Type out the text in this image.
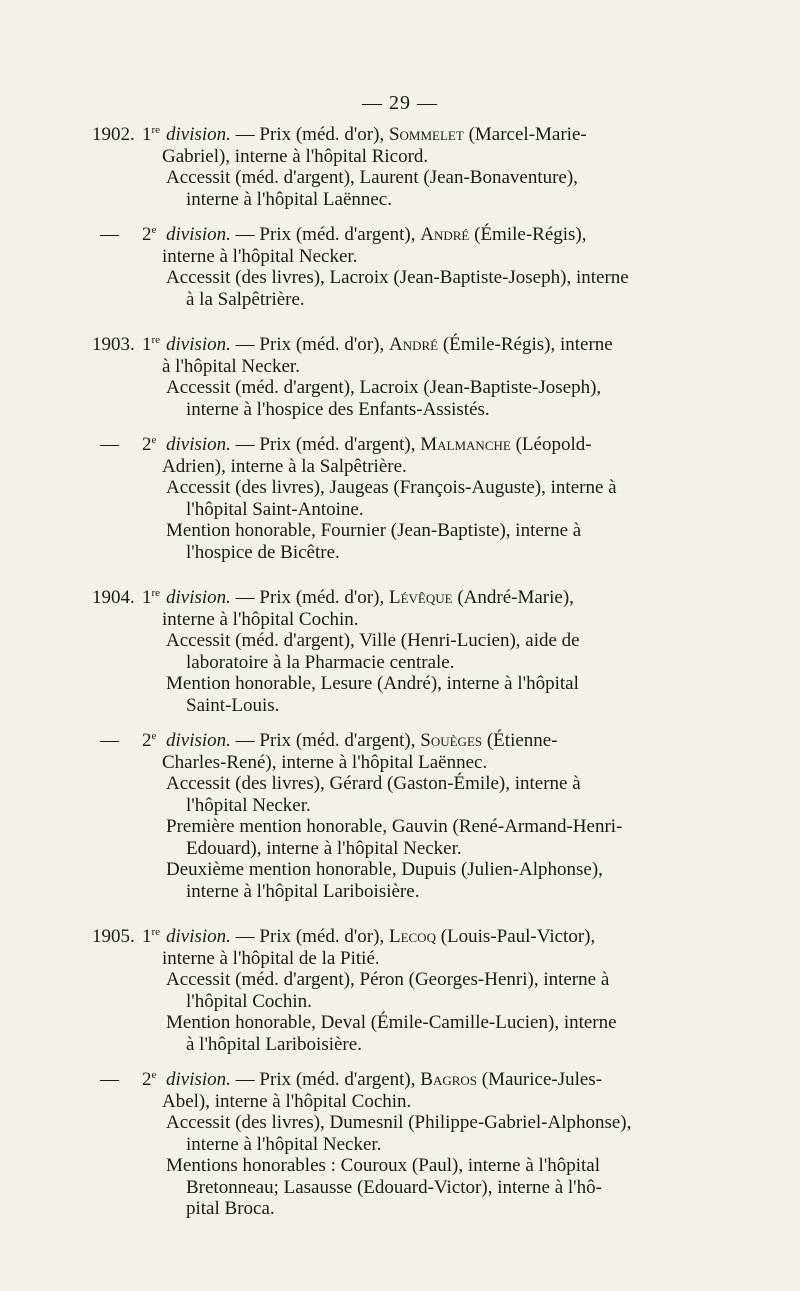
— 29 —
1902. 1re division. — Prix (méd. d'or), Sommelet (Marcel-Marie-
Gabriel), interne à l'hôpital Ricord.
Accessit (méd. d'argent), Laurent (Jean-Bonaventure),
interne à l'hôpital Laënnec.
—	2e division. — Prix (méd. d'argent), André (Émile-Régis),
interne à l'hôpital Necker.
Accessit (des livres), Lacroix (Jean-Baptiste-Joseph), interne
à la Salpêtrière.
1903. 1re division. — Prix (méd. d'or), André (Émile-Régis), interne
à l'hôpital Necker.
Accessit (méd. d'argent), Lacroix (Jean-Baptiste-Joseph),
interne à l'hospice des Enfants-Assistés.
—	2e division. — Prix (méd. d'argent), Malmanche (Léopold-
Adrien), interne à la Salpêtrière.
Accessit (des livres), Jaugeas (François-Auguste), interne à
l'hôpital Saint-Antoine.
Mention honorable, Fournier (Jean-Baptiste), interne à
l'hospice de Bicêtre.
1904. 1re division. — Prix (méd. d'or), Lévêque (André-Marie),
interne à l'hôpital Cochin.
Accessit (méd. d'argent), Ville (Henri-Lucien), aide de
laboratoire à la Pharmacie centrale.
Mention honorable, Lesure (André), interne à l'hôpital
Saint-Louis.
—	2e division. — Prix (méd. d'argent), Souèges (Étienne-
Charles-René), interne à l'hôpital Laënnec.
Accessit (des livres), Gérard (Gaston-Émile), interne à
l'hôpital Necker.
Première mention honorable, Gauvin (René-Armand-Henri-
Edouard), interne à l'hôpital Necker.
Deuxième mention honorable, Dupuis (Julien-Alphonse),
interne à l'hôpital Lariboisière.
1905. 1re division. — Prix (méd. d'or), Lecoq (Louis-Paul-Victor),
interne à l'hôpital de la Pitié.
Accessit (méd. d'argent), Péron (Georges-Henri), interne à
l'hôpital Cochin.
Mention honorable, Deval (Émile-Camille-Lucien), interne
à l'hôpital Lariboisière.
—	2e division. — Prix (méd. d'argent), Bagros (Maurice-Jules-
Abel), interne à l'hôpital Cochin.
Accessit (des livres), Dumesnil (Philippe-Gabriel-Alphonse),
interne à l'hôpital Necker.
Mentions honorables : Couroux (Paul), interne à l'hôpital
Bretonneau; Lasausse (Edouard-Victor), interne à l'hô-
pital Broca.
